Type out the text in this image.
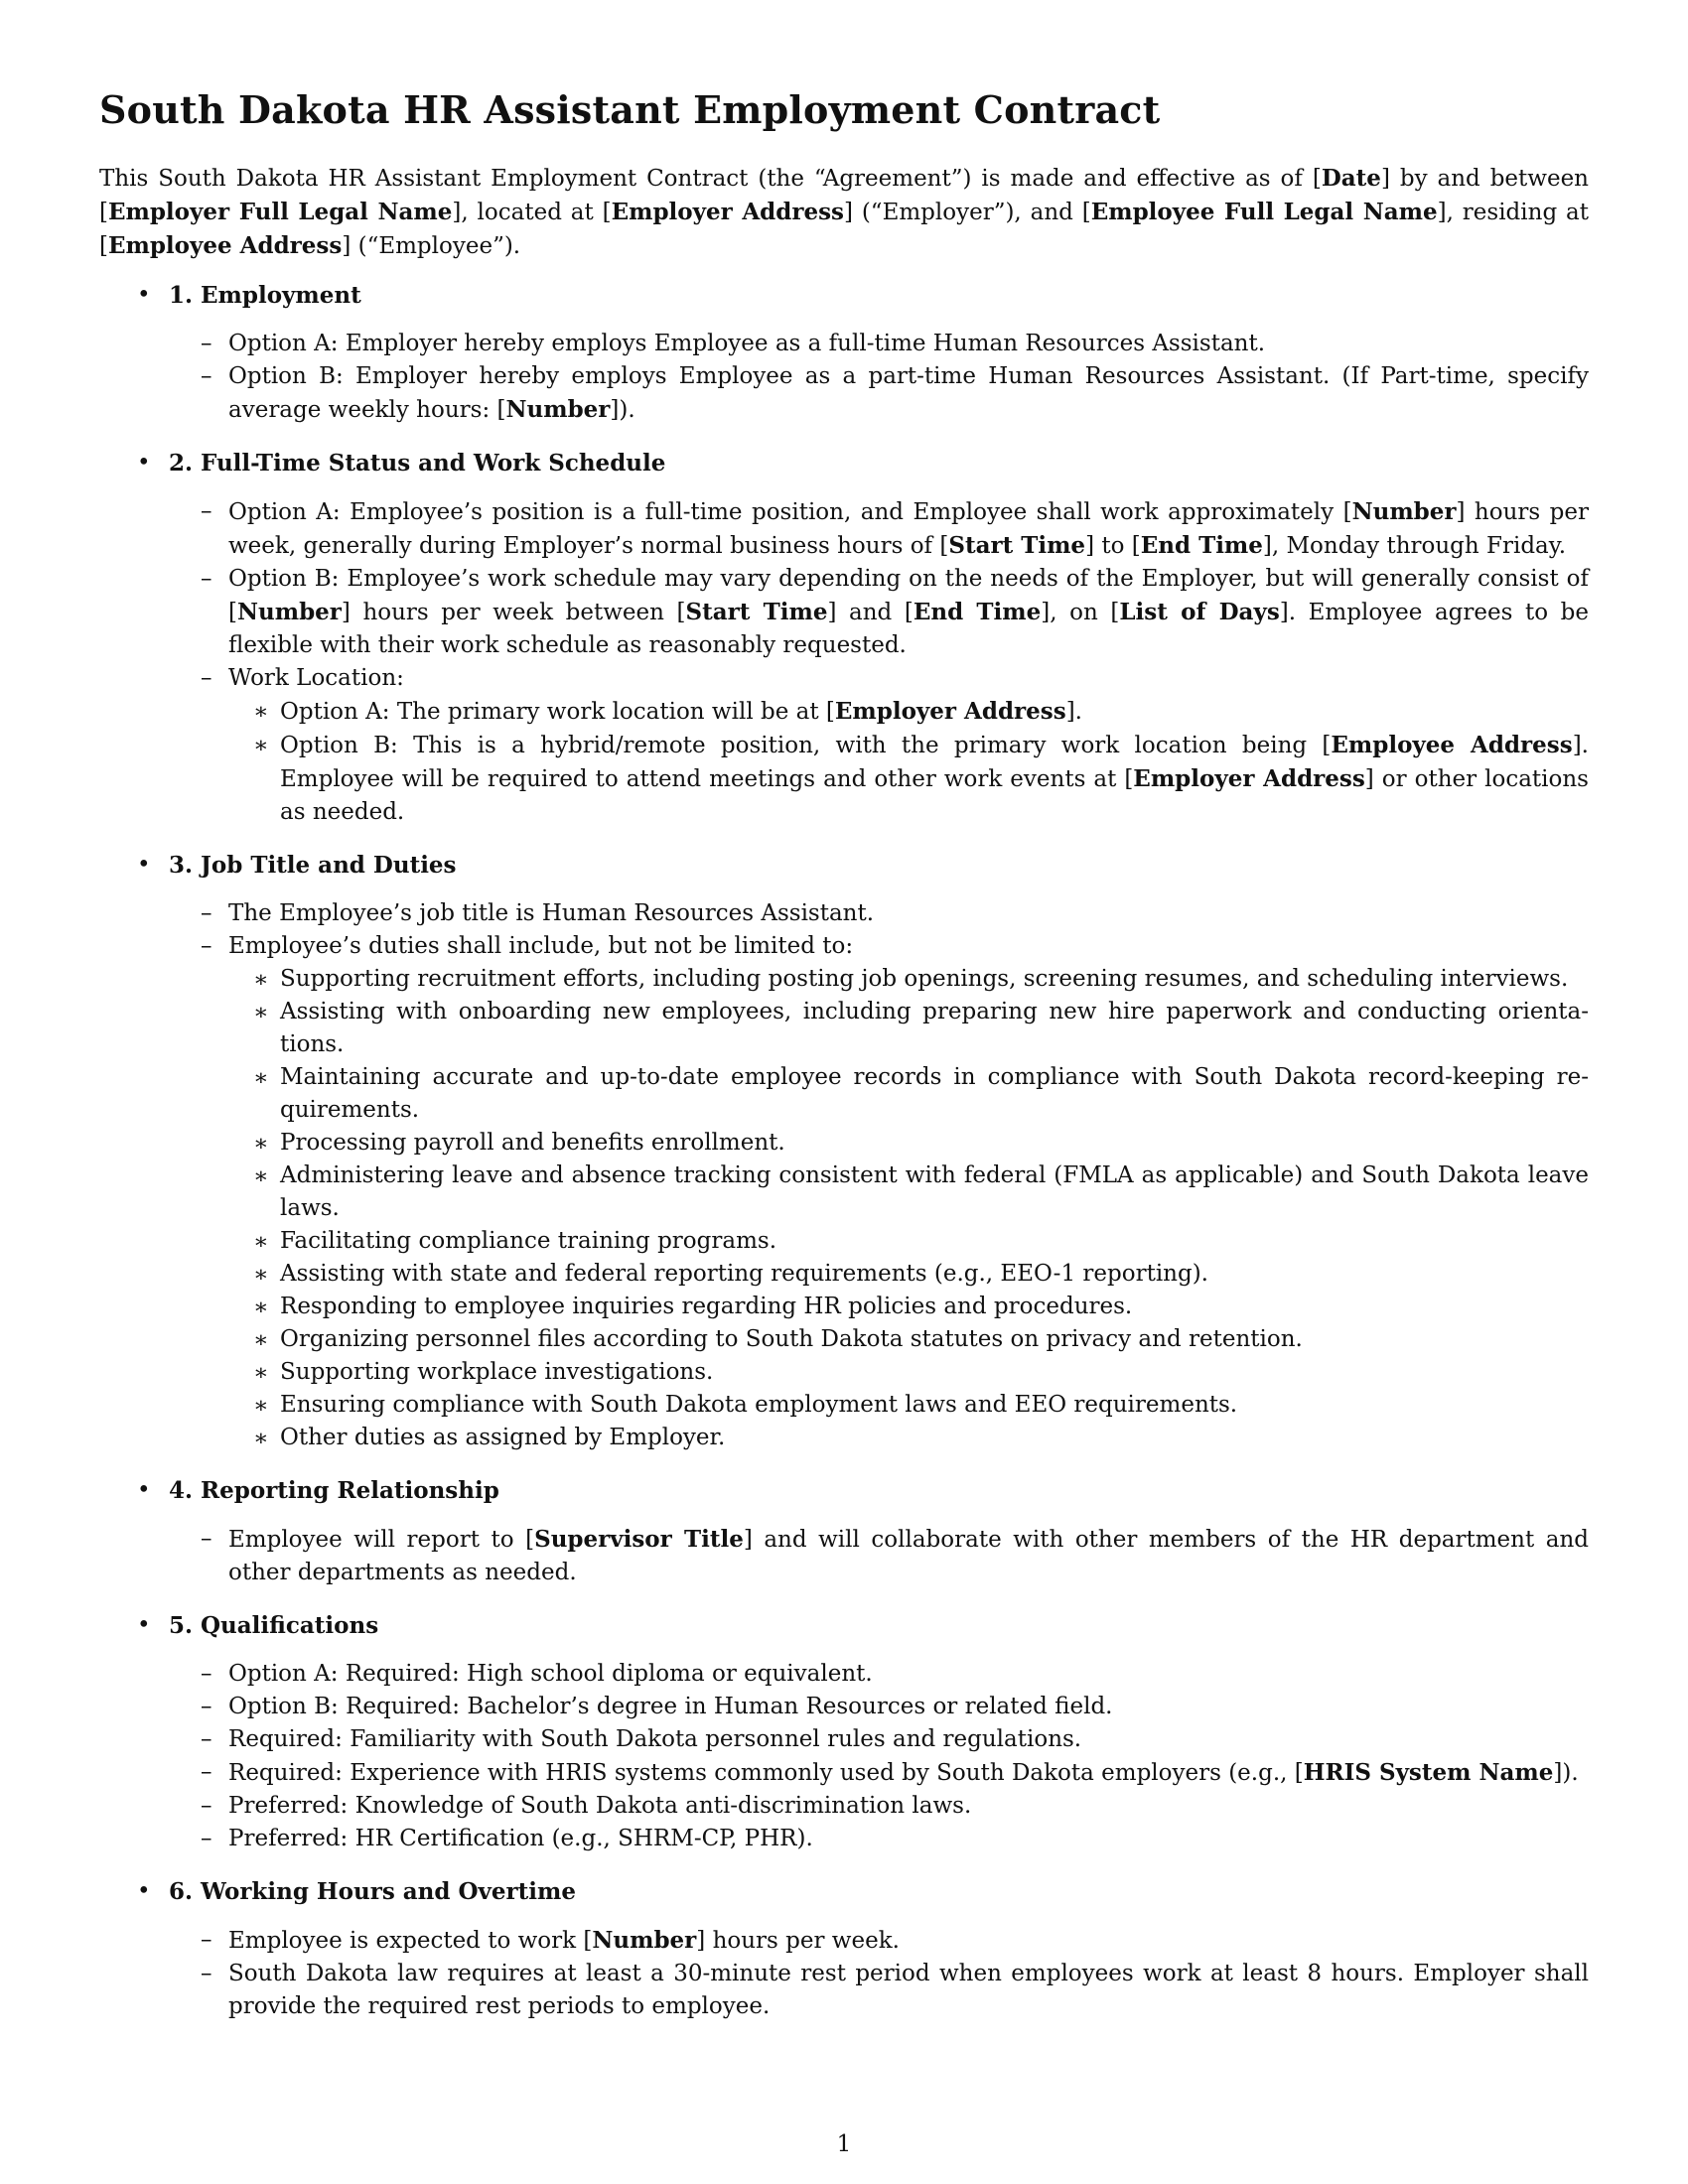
South Dakota HR Assistant Employment Contract

This South Dakota HR Assistant Employment Contract (the “Agreement”) is made and effective as of [Date] by and between [Employer Full Legal Name], located at [Employer Address] (“Employer”), and [Employee Full Legal Name], residing at [Employee Address] (“Employee”).

• 1. Employment
– Option A: Employer hereby employs Employee as a full-time Human Resources Assistant.
– Option B: Employer hereby employs Employee as a part-time Human Resources Assistant. (If Part-time, specify average weekly hours: [Number]).
• 2. Full-Time Status and Work Schedule
– Option A: Employee’s position is a full-time position, and Employee shall work approximately [Number] hours per week, generally during Employer’s normal business hours of [Start Time] to [End Time], Monday through Friday.
– Option B: Employee’s work schedule may vary depending on the needs of the Employer, but will generally consist of [Number] hours per week between [Start Time] and [End Time], on [List of Days]. Employee agrees to be flexible with their work schedule as reasonably requested.
– Work Location:
∗ Option A: The primary work location will be at [Employer Address].
∗ Option B: This is a hybrid/remote position, with the primary work location being [Employee Address]. Employee will be required to attend meetings and other work events at [Employer Address] or other locations as needed.
• 3. Job Title and Duties
– The Employee’s job title is Human Resources Assistant.
– Employee’s duties shall include, but not be limited to:
∗ Supporting recruitment efforts, including posting job openings, screening resumes, and scheduling interviews.
∗ Assisting with onboarding new employees, including preparing new hire paperwork and conducting orienta-tions.
∗ Maintaining accurate and up-to-date employee records in compliance with South Dakota record-keeping re-quirements.
∗ Processing payroll and benefits enrollment.
∗ Administering leave and absence tracking consistent with federal (FMLA as applicable) and South Dakota leave laws.
∗ Facilitating compliance training programs.
∗ Assisting with state and federal reporting requirements (e.g., EEO-1 reporting).
∗ Responding to employee inquiries regarding HR policies and procedures.
∗ Organizing personnel files according to South Dakota statutes on privacy and retention.
∗ Supporting workplace investigations.
∗ Ensuring compliance with South Dakota employment laws and EEO requirements.
∗ Other duties as assigned by Employer.
• 4. Reporting Relationship
– Employee will report to [Supervisor Title] and will collaborate with other members of the HR department and other departments as needed.
• 5. Qualifications
– Option A: Required: High school diploma or equivalent.
– Option B: Required: Bachelor’s degree in Human Resources or related field.
– Required: Familiarity with South Dakota personnel rules and regulations.
– Required: Experience with HRIS systems commonly used by South Dakota employers (e.g., [HRIS System Name]).
– Preferred: Knowledge of South Dakota anti-discrimination laws.
– Preferred: HR Certification (e.g., SHRM-CP, PHR).
• 6. Working Hours and Overtime
– Employee is expected to work [Number] hours per week.
– South Dakota law requires at least a 30-minute rest period when employees work at least 8 hours. Employer shall provide the required rest periods to employee.
1
